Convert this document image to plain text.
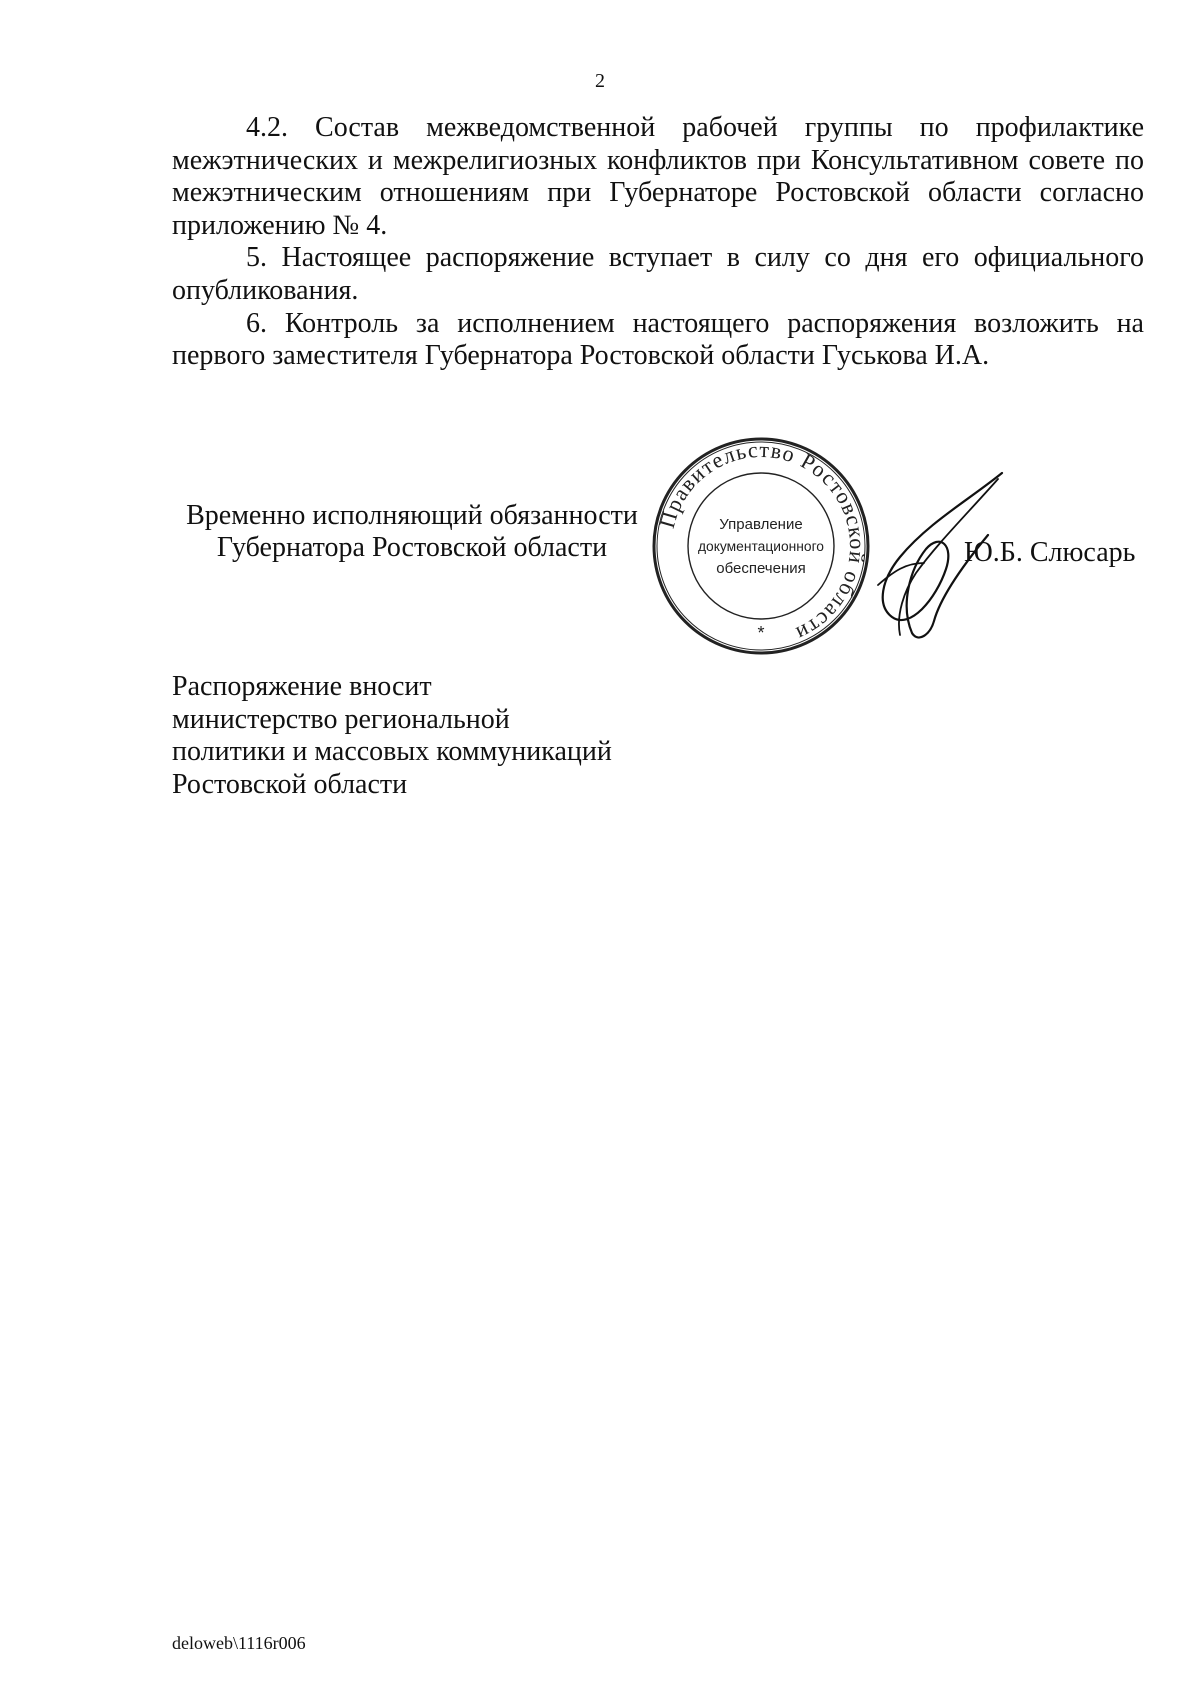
2

4.2. Состав межведомственной рабочей группы по профилактике межэтнических и межрелигиозных конфликтов при Консультативном совете по межэтническим отношениям при Губернаторе Ростовской области согласно приложению № 4.

5. Настоящее распоряжение вступает в силу со дня его официального опубликования.

6. Контроль за исполнением настоящего распоряжения возложить на первого заместителя Губернатора Ростовской области Гуськова И.А.

Временно исполняющий обязанности
Губернатора Ростовской области
Правительство Ростовской области
Управление
документационного
обеспечения
*
Ю.Б. Слюсарь
Распоряжение вносит
министерство региональной
политики и массовых коммуникаций
Ростовской области
deloweb\1116r006
